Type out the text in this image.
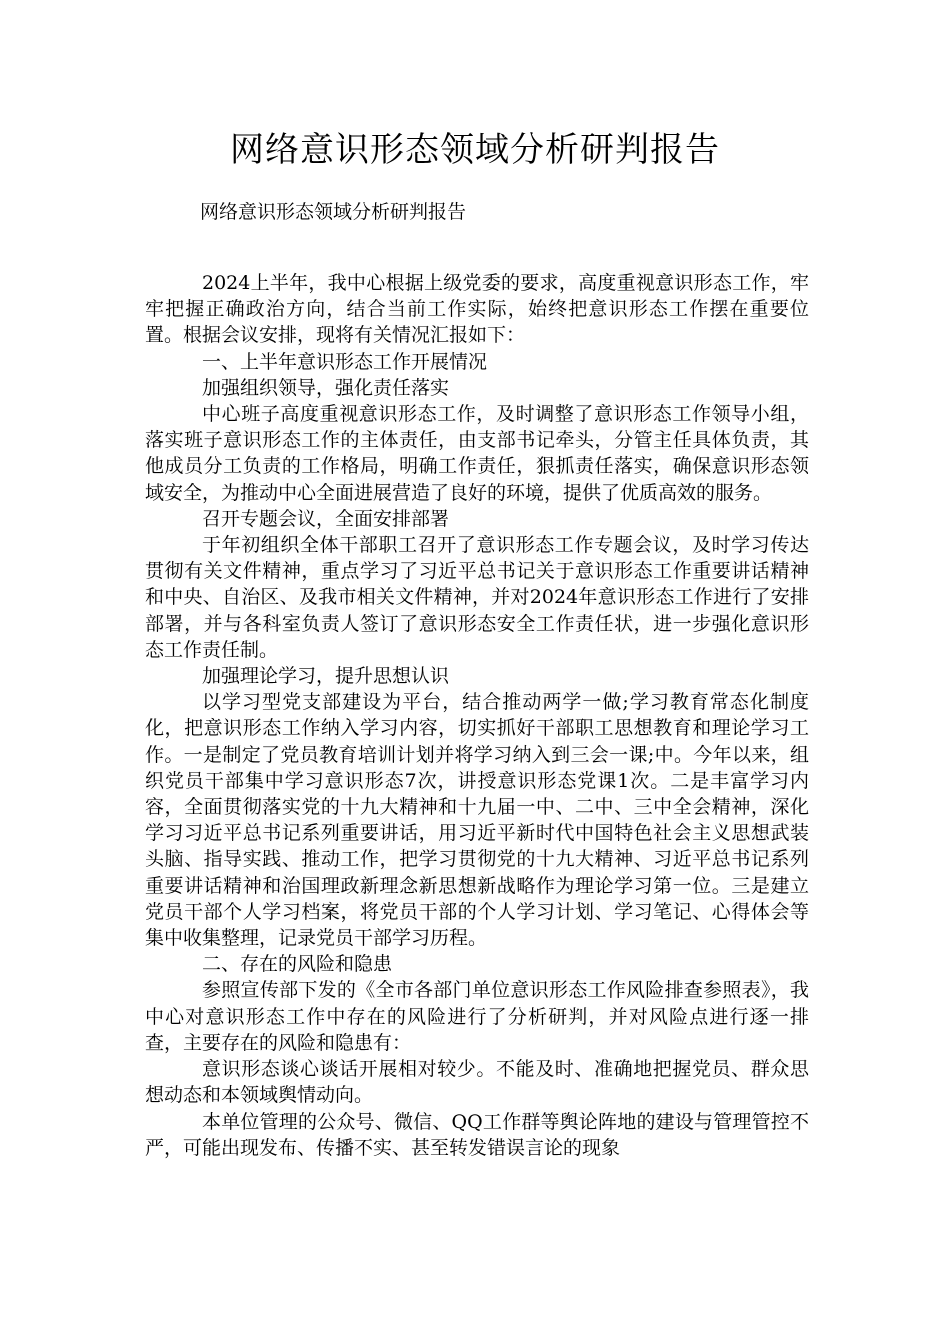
网络意识形态领域分析研判报告

网络意识形态领域分析研判报告

2024上半年，我中心根据上级党委的要求，高度重视意识形态工作，牢牢把握正确政治方向，结合当前工作实际，始终把意识形态工作摆在重要位置。根据会议安排，现将有关情况汇报如下：

一、上半年意识形态工作开展情况

加强组织领导，强化责任落实

中心班子高度重视意识形态工作，及时调整了意识形态工作领导小组，落实班子意识形态工作的主体责任，由支部书记牵头，分管主任具体负责，其他成员分工负责的工作格局，明确工作责任，狠抓责任落实，确保意识形态领域安全，为推动中心全面进展营造了良好的环境，提供了优质高效的服务。

召开专题会议，全面安排部署

于年初组织全体干部职工召开了意识形态工作专题会议，及时学习传达贯彻有关文件精神，重点学习了习近平总书记关于意识形态工作重要讲话精神和中央、自治区、及我市相关文件精神，并对2024年意识形态工作进行了安排部署，并与各科室负责人签订了意识形态安全工作责任状，进一步强化意识形态工作责任制。

加强理论学习，提升思想认识

以学习型党支部建设为平台，结合推动两学一做;学习教育常态化制度化，把意识形态工作纳入学习内容，切实抓好干部职工思想教育和理论学习工作。一是制定了党员教育培训计划并将学习纳入到三会一课;中。今年以来，组织党员干部集中学习意识形态7次，讲授意识形态党课1次。二是丰富学习内容，全面贯彻落实党的十九大精神和十九届一中、二中、三中全会精神，深化学习习近平总书记系列重要讲话，用习近平新时代中国特色社会主义思想武装头脑、指导实践、推动工作，把学习贯彻党的十九大精神、习近平总书记系列重要讲话精神和治国理政新理念新思想新战略作为理论学习第一位。三是建立党员干部个人学习档案，将党员干部的个人学习计划、学习笔记、心得体会等集中收集整理，记录党员干部学习历程。

二、存在的风险和隐患

参照宣传部下发的《全市各部门单位意识形态工作风险排查参照表》，我中心对意识形态工作中存在的风险进行了分析研判，并对风险点进行逐一排查，主要存在的风险和隐患有：

意识形态谈心谈话开展相对较少。不能及时、准确地把握党员、群众思想动态和本领域舆情动向。

本单位管理的公众号、微信、QQ工作群等舆论阵地的建设与管理管控不严，可能出现发布、传播不实、甚至转发错误言论的现象
